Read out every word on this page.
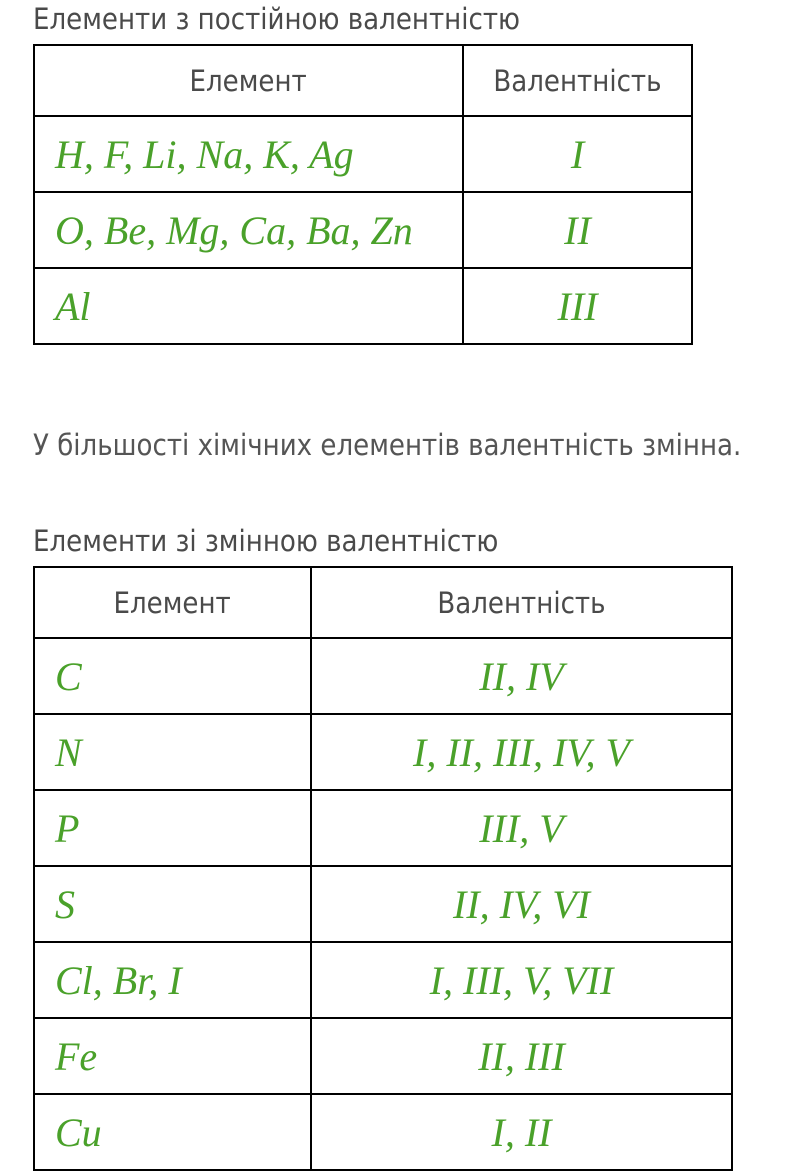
Елементи з постійною валентністю
Елемент	Валентність
H, F, Li, Na, K, Ag	I
O, Be, Mg, Ca, Ba, Zn	II
Al	III

У більшості хімічних елементів валентність змінна.

Елементи зі змінною валентністю
Елемент	Валентність
C	II, IV
N	I, II, III, IV, V
P	III, V
S	II, IV, VI
Cl, Br, I	I, III, V, VII
Fe	II, III
Cu	I, II
